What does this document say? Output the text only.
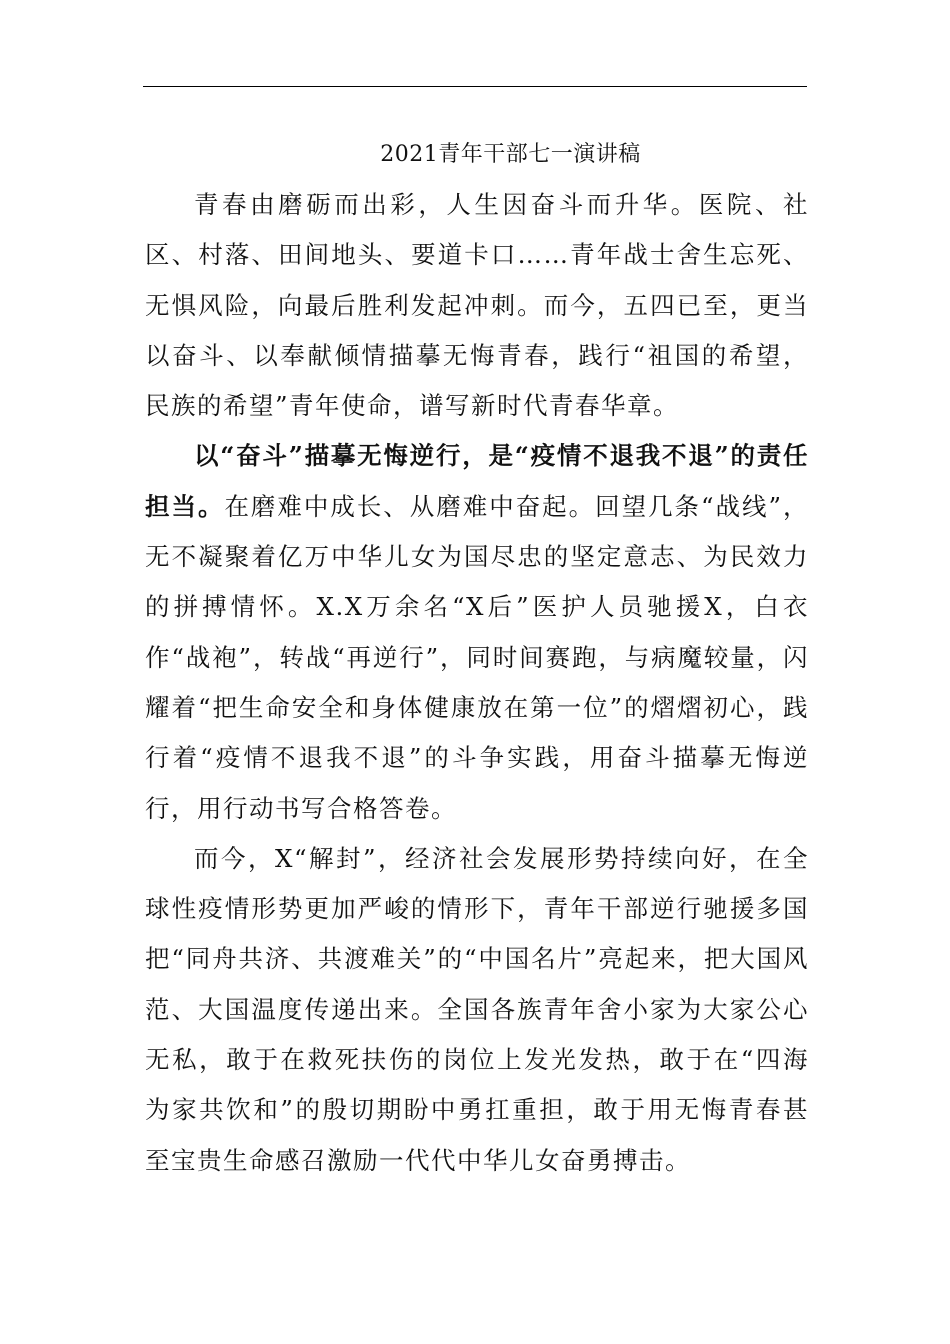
2021青年干部七一演讲稿

青春由磨砺而出彩，人生因奋斗而升华。医院、社区、村落、田间地头、要道卡口……青年战士舍生忘死、无惧风险，向最后胜利发起冲刺。而今，五四已至，更当以奋斗、以奉献倾情描摹无悔青春，践行“祖国的希望，民族的希望”青年使命，谱写新时代青春华章。

以“奋斗”描摹无悔逆行，是“疫情不退我不退”的责任担当。在磨难中成长、从磨难中奋起。回望几条“战线”，无不凝聚着亿万中华儿女为国尽忠的坚定意志、为民效力的拼搏情怀。X.X万余名“X后”医护人员驰援X，白衣作“战袍”，转战“再逆行”，同时间赛跑，与病魔较量，闪耀着“把生命安全和身体健康放在第一位”的熠熠初心，践行着“疫情不退我不退”的斗争实践，用奋斗描摹无悔逆行，用行动书写合格答卷。

而今，X“解封”，经济社会发展形势持续向好，在全球性疫情形势更加严峻的情形下，青年干部逆行驰援多国把“同舟共济、共渡难关”的“中国名片”亮起来，把大国风范、大国温度传递出来。全国各族青年舍小家为大家公心无私，敢于在救死扶伤的岗位上发光发热，敢于在“四海为家共饮和”的殷切期盼中勇扛重担，敢于用无悔青春甚至宝贵生命感召激励一代代中华儿女奋勇搏击。
